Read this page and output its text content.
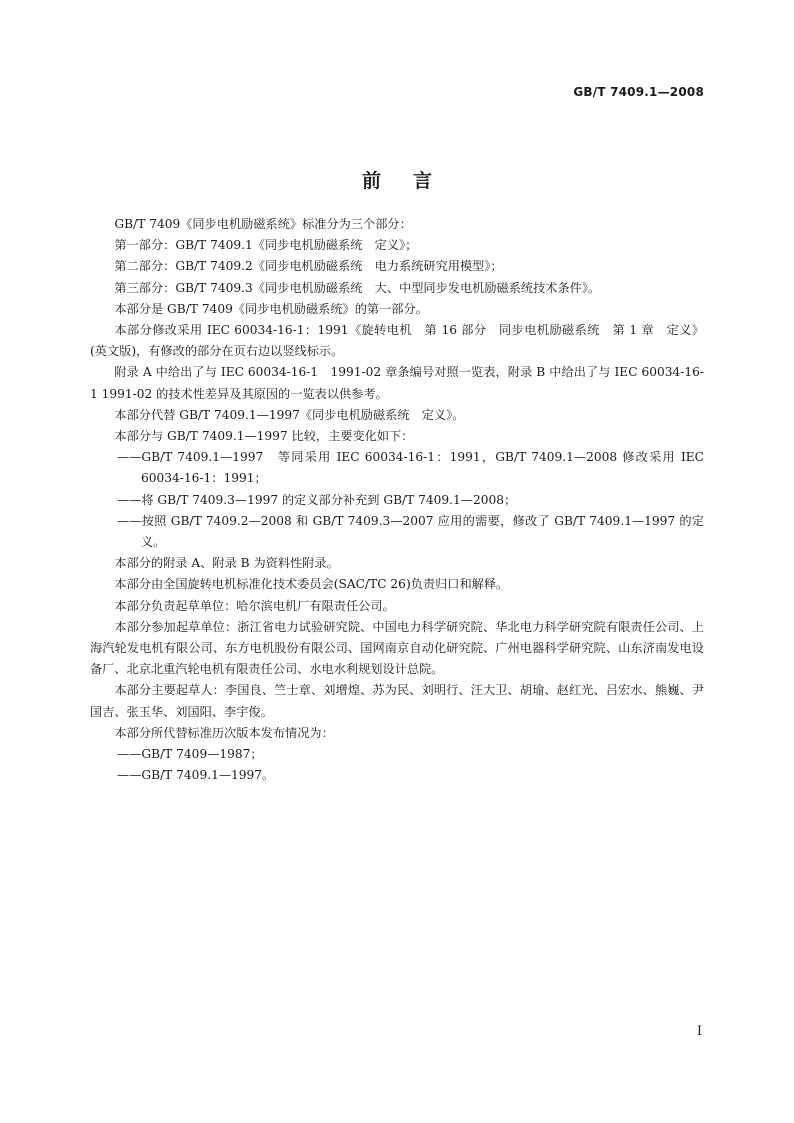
GB/T 7409.1—2008
前言

GB/T 7409《同步电机励磁系统》标准分为三个部分：

第一部分：GB/T 7409.1《同步电机励磁系统　定义》；

第二部分：GB/T 7409.2《同步电机励磁系统　电力系统研究用模型》；

第三部分：GB/T 7409.3《同步电机励磁系统　大、中型同步发电机励磁系统技术条件》。

本部分是 GB/T 7409《同步电机励磁系统》的第一部分。

本部分修改采用 IEC 60034-16-1：1991《旋转电机　第 16 部分　同步电机励磁系统　第 1 章　定义》(英文版)，有修改的部分在页右边以竖线标示。

附录 A 中给出了与 IEC 60034-16-1　1991-02 章条编号对照一览表，附录 B 中给出了与 IEC 60034-16-1 1991-02 的技术性差异及其原因的一览表以供参考。

本部分代替 GB/T 7409.1—1997《同步电机励磁系统　定义》。

本部分与 GB/T 7409.1—1997 比较，主要变化如下：

——GB/T 7409.1—1997　等同采用 IEC 60034-16-1：1991，GB/T 7409.1—2008 修改采用 IEC 60034-16-1：1991；

——将 GB/T 7409.3—1997 的定义部分补充到 GB/T 7409.1—2008；

——按照 GB/T 7409.2—2008 和 GB/T 7409.3—2007 应用的需要，修改了 GB/T 7409.1—1997 的定义。

本部分的附录 A、附录 B 为资料性附录。

本部分由全国旋转电机标准化技术委员会(SAC/TC 26)负责归口和解释。

本部分负责起草单位：哈尔滨电机厂有限责任公司。

本部分参加起草单位：浙江省电力试验研究院、中国电力科学研究院、华北电力科学研究院有限责任公司、上海汽轮发电机有限公司、东方电机股份有限公司、国网南京自动化研究院、广州电器科学研究院、山东济南发电设备厂、北京北重汽轮电机有限责任公司、水电水利规划设计总院。

本部分主要起草人：李国良、竺士章、刘增煌、苏为民、刘明行、汪大卫、胡瑜、赵红光、吕宏水、熊巍、尹国吉、张玉华、刘国阳、李宇俊。

本部分所代替标准历次版本发布情况为：

——GB/T 7409—1987；

——GB/T 7409.1—1997。

I
